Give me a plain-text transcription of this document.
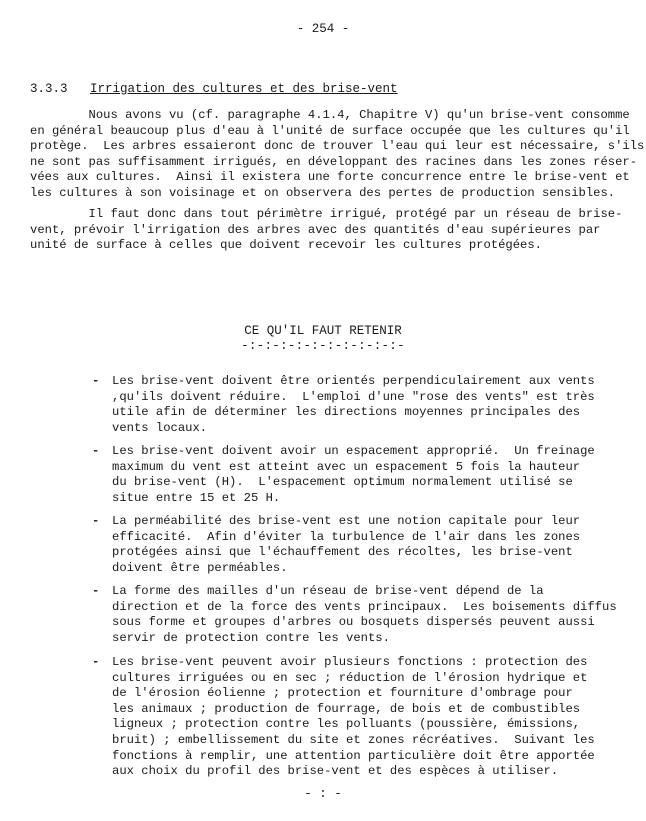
- 254 -
3.3.3 Irrigation des cultures et des brise-vent

Nous avons vu (cf. paragraphe 4.1.4, Chapitre V) qu'un brise-vent consomme
en général beaucoup plus d'eau à l'unité de surface occupée que les cultures qu'il
protège.  Les arbres essaieront donc de trouver l'eau qui leur est nécessaire, s'ils
ne sont pas suffisamment irrigués, en développant des racines dans les zones réser-
vées aux cultures.  Ainsi il existera une forte concurrence entre le brise-vent et
les cultures à son voisinage et on observera des pertes de production sensibles.

Il faut donc dans tout périmètre irrigué, protégé par un réseau de brise-
vent, prévoir l'irrigation des arbres avec des quantités d'eau supérieures par
unité de surface à celles que doivent recevoir les cultures protégées.

CE QU'IL FAUT RETENIR
-:-:-:-:-:-:-:-:-:-:-
- Les brise-vent doivent être orientés perpendiculairement aux vents
,qu'ils doivent réduire.  L'emploi d'une "rose des vents" est très
utile afin de déterminer les directions moyennes principales des
vents locaux.

- Les brise-vent doivent avoir un espacement approprié.  Un freinage
maximum du vent est atteint avec un espacement 5 fois la hauteur
du brise-vent (H).  L'espacement optimum normalement utilisé se
situe entre 15 et 25 H.

- La perméabilité des brise-vent est une notion capitale pour leur
efficacité.  Afin d'éviter la turbulence de l'air dans les zones
protégées ainsi que l'échauffement des récoltes, les brise-vent
doivent être perméables.

- La forme des mailles d'un réseau de brise-vent dépend de la
direction et de la force des vents principaux.  Les boisements diffus
sous forme et groupes d'arbres ou bosquets dispersés peuvent aussi
servir de protection contre les vents.

- Les brise-vent peuvent avoir plusieurs fonctions : protection des
cultures irriguées ou en sec ; réduction de l'érosion hydrique et
de l'érosion éolienne ; protection et fourniture d'ombrage pour
les animaux ; production de fourrage, de bois et de combustibles
ligneux ; protection contre les polluants (poussière, émissions,
bruit) ; embellissement du site et zones récréatives.  Suivant les
fonctions à remplir, une attention particulière doit être apportée
aux choix du profil des brise-vent et des espèces à utiliser.

- : -
